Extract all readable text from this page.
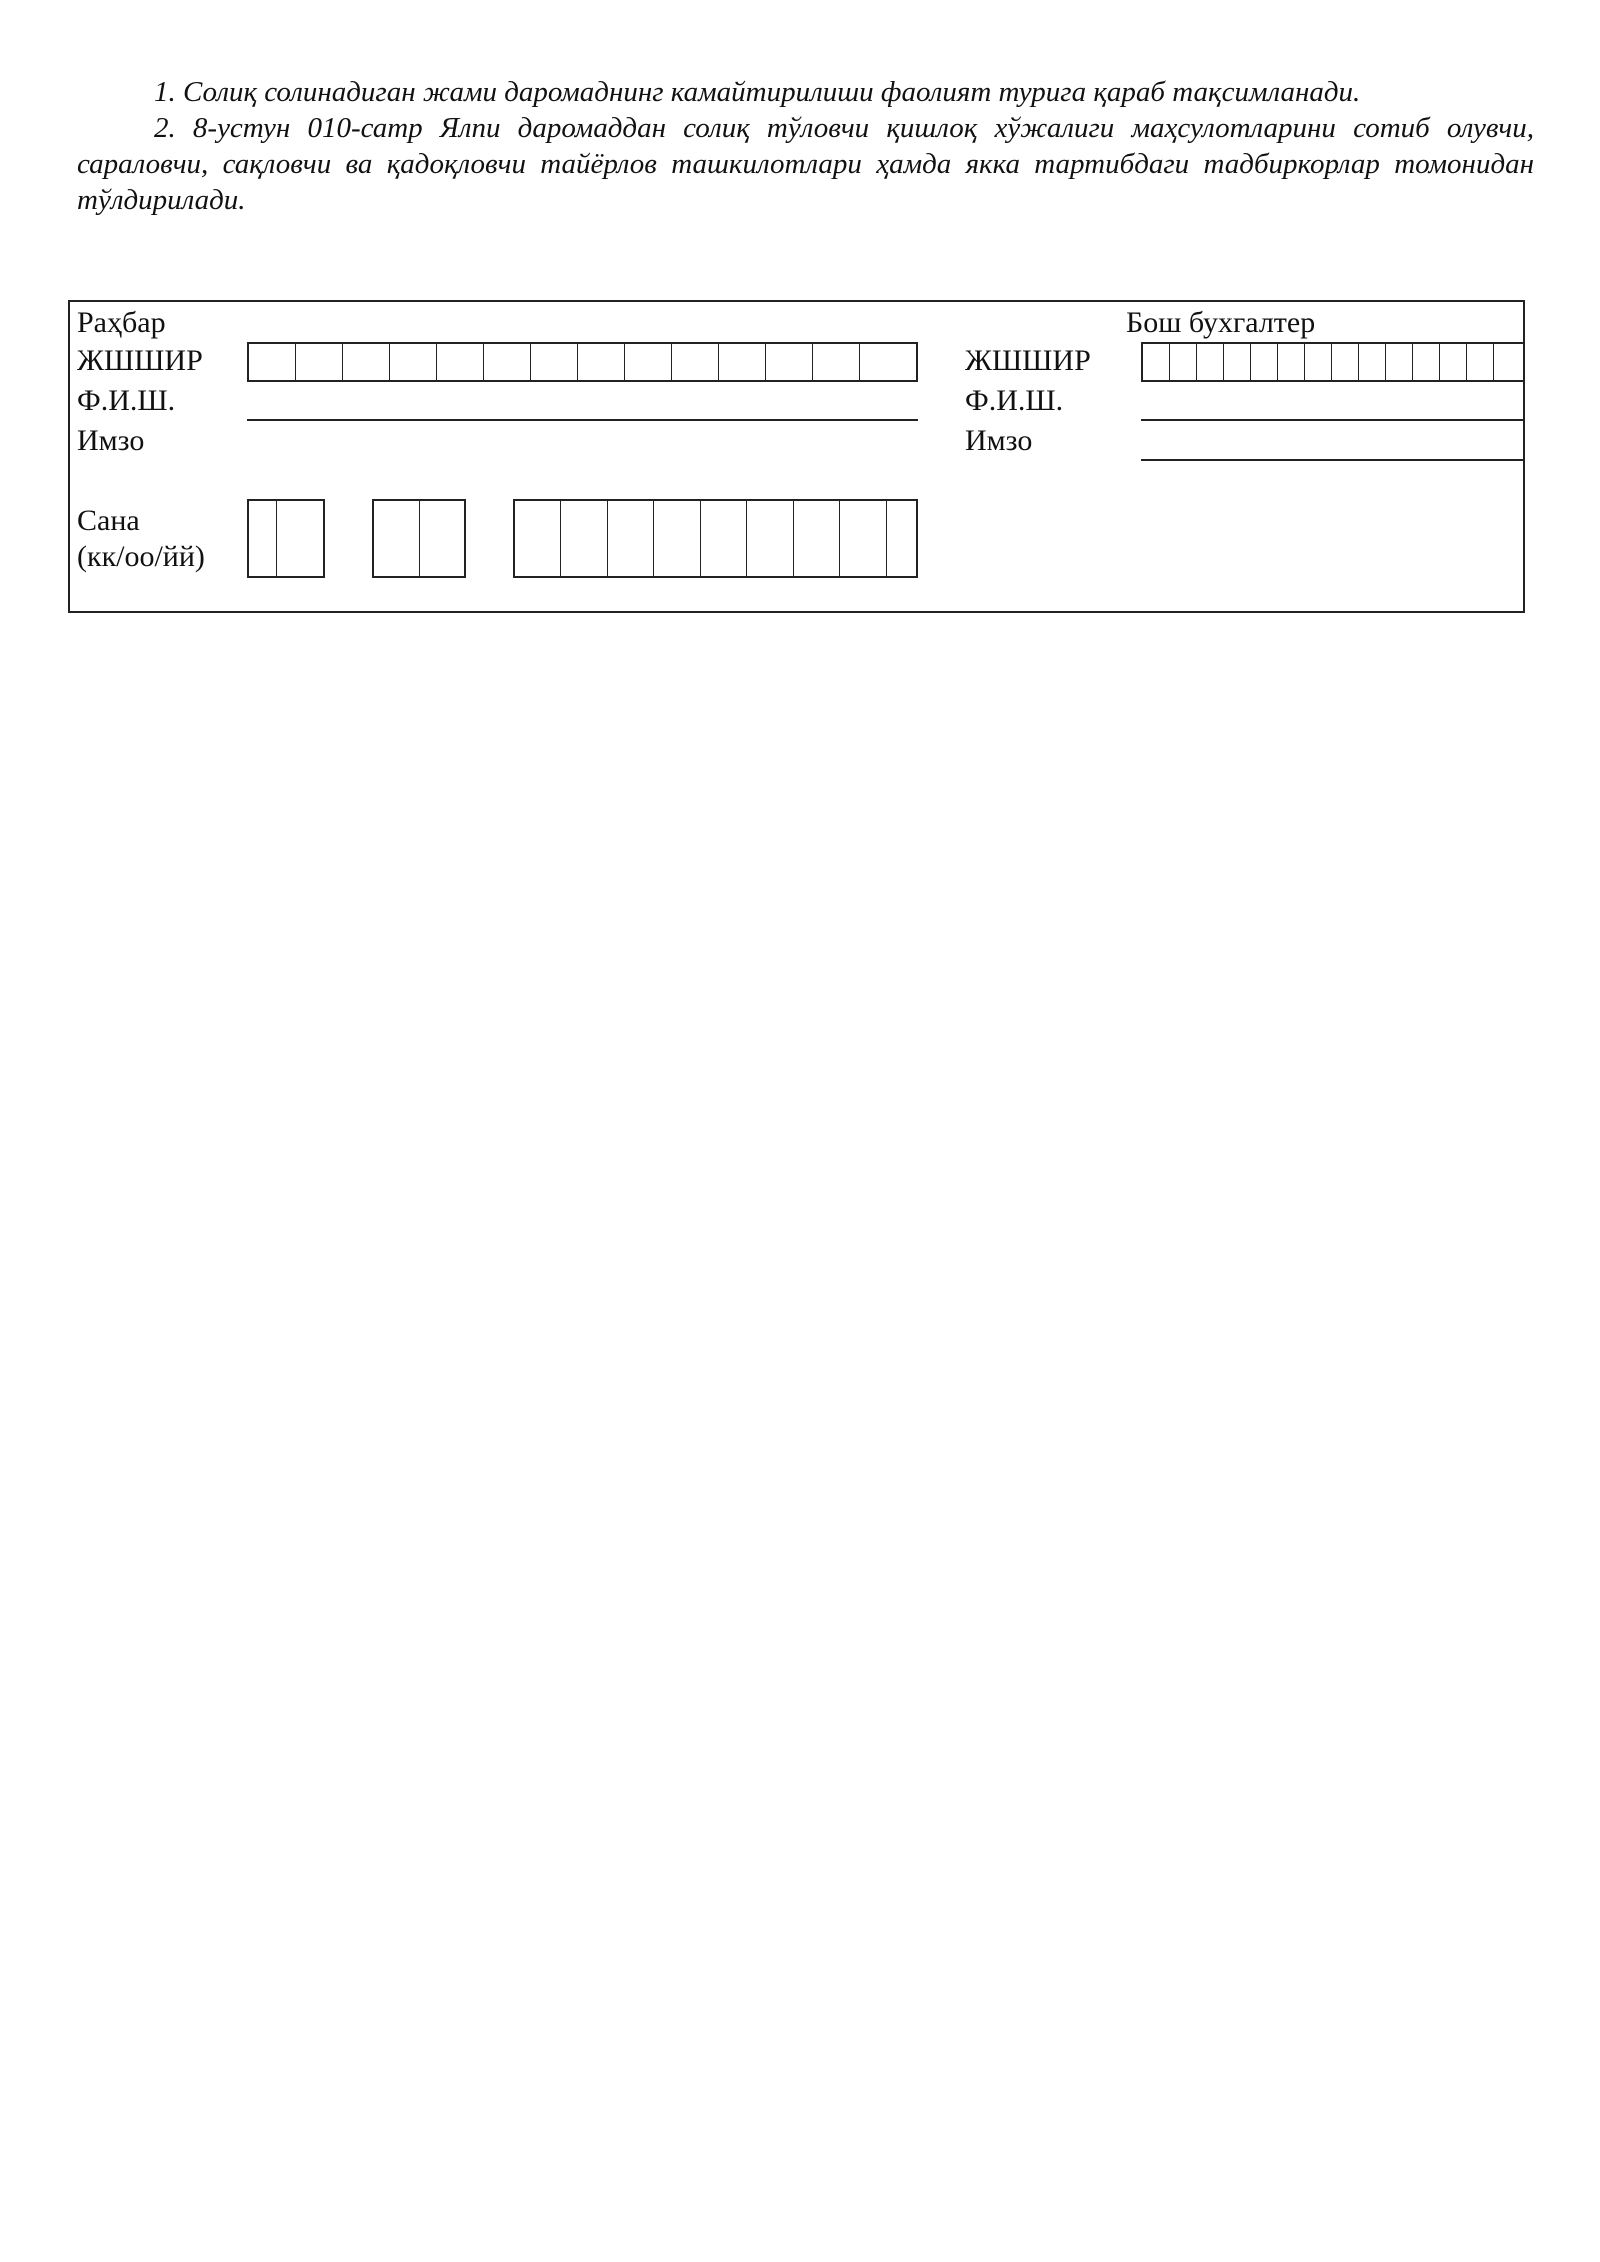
1. Солиқ солинадиган жами даромаднинг камайтирилиши фаолият турига қараб тақсимланади.

2. 8-устун 010-сатр Ялпи даромаддан солиқ тўловчи қишлоқ хўжалиги маҳсулотларини сотиб олувчи, сараловчи, сақловчи ва қадоқловчи тайёрлов ташкилотлари ҳамда якка тартибдаги тадбиркорлар томонидан тўлдирилади.

Раҳбар
ЖШШИР
Ф.И.Ш.
Имзо
Сана
(кк/оо/йй)
Бош бухгалтер
ЖШШИР
Ф.И.Ш.
Имзо
